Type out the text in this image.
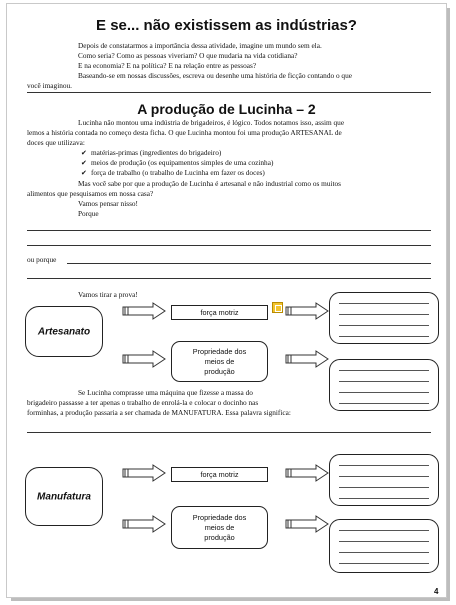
E se... não existissem as indústrias?
Depois de constatarmos a importância dessa atividade, imagine um mundo sem ela.
Como seria? Como as pessoas viveriam? O que mudaria na vida cotidiana?
E na economia? E na política? E na relação entre as pessoas?
Baseando-se em nossas discussões, escreva ou desenhe uma história de ficção contando o que
você imaginou.
A produção de Lucinha – 2
Lucinha não montou uma indústria de brigadeiros, é lógico. Todos notamos isso, assim que
lemos a história contada no começo desta ficha. O que Lucinha montou foi uma produção ARTESANAL de
doces que utilizava:
✔ matérias-primas (ingredientes do brigadeiro)
✔ meios de produção (os equipamentos simples de uma cozinha)
✔ força de trabalho (o trabalho de Lucinha em fazer os doces)
Mas você sabe por que a produção de Lucinha é artesanal e não industrial como os muitos
alimentos que pesquisamos em nossa casa?
Vamos pensar nisso!
Porque
ou porque
Vamos tirar a prova!
Artesanato
força motriz
Propriedade dos
meios de
produção
Se Lucinha comprasse uma máquina que fizesse a massa do
brigadeiro passasse a ter apenas o trabalho de enrolá-la e colocar o docinho nas
forminhas, a produção passaria a ser chamada de MANUFATURA. Essa palavra significa:
Manufatura
força motriz
Propriedade dos
meios de
produção
4
